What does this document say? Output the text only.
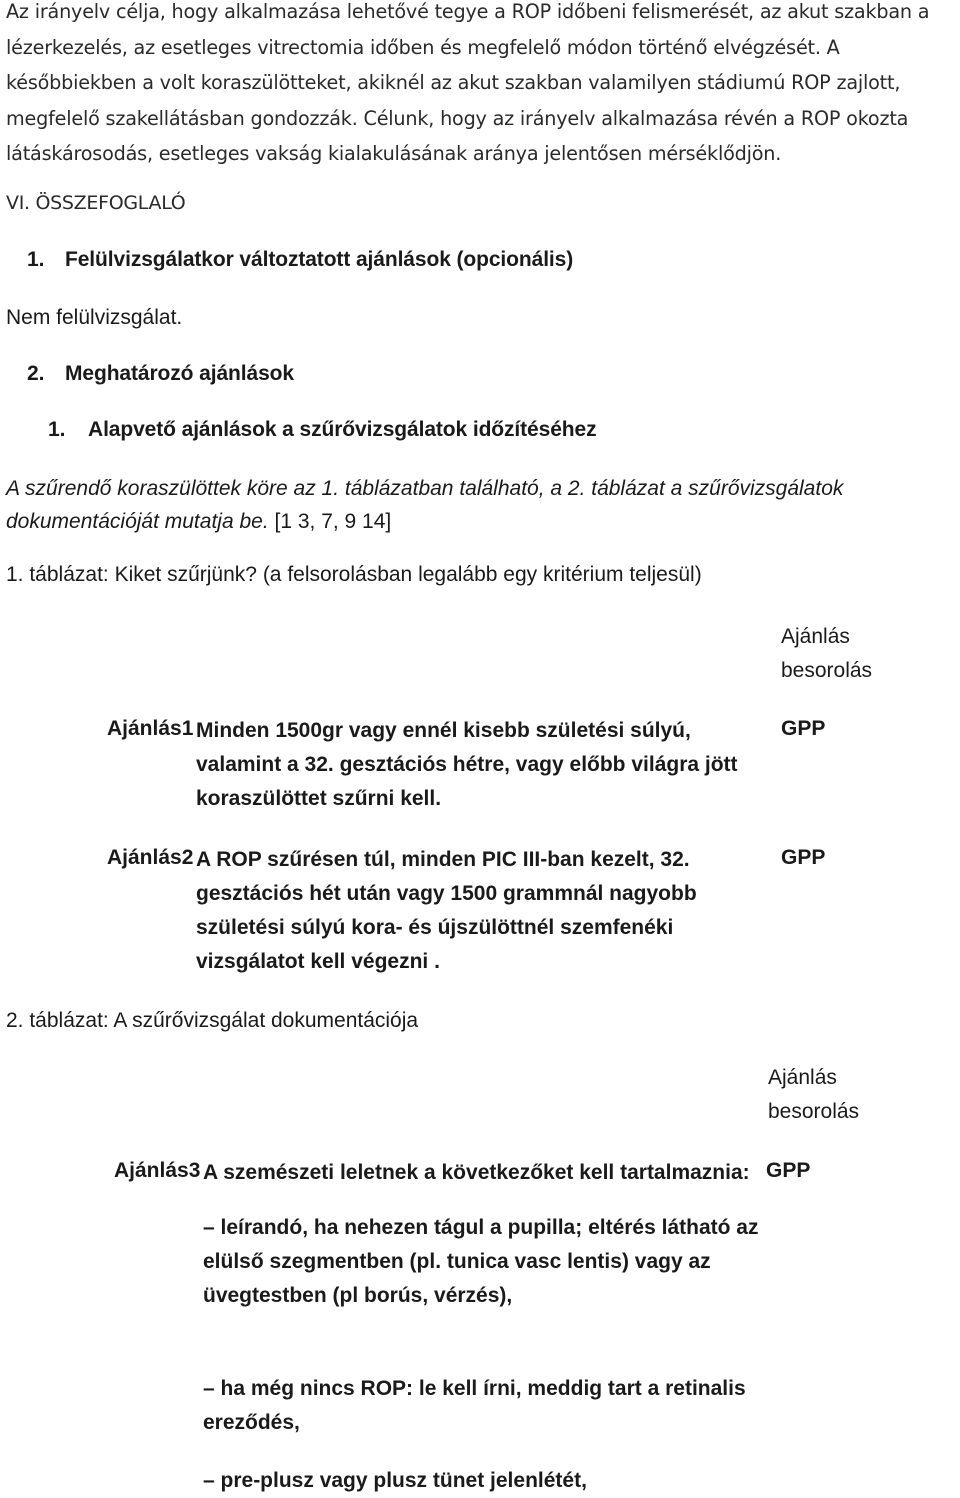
Az irányelv célja, hogy alkalmazása lehetővé tegye a ROP időbeni felismerését, az akut szakban a lézerkezelés, az esetleges vitrectomia időben és megfelelő módon történő elvégzését. A későbbiekben a volt koraszülötteket, akiknél az akut szakban valamilyen stádiumú ROP zajlott, megfelelő szakellátásban gondozzák. Célunk, hogy az irányelv alkalmazása révén a ROP okozta látáskárosodás, esetleges vakság kialakulásának aránya jelentősen mérséklődjön.

VI. ÖSSZEFOGLALÓ

1. Felülvizsgálatkor változtatott ajánlások (opcionális)

Nem felülvizsgálat.

2. Meghatározó ajánlások

1. Alapvető ajánlások a szűrővizsgálatok időzítéséhez

A szűrendő koraszülöttek köre az 1. táblázatban található, a 2. táblázat a szűrővizsgálatok dokumentációját mutatja be. [1 3, 7, 9 14]

1. táblázat: Kiket szűrjünk? (a felsorolásban legalább egy kritérium teljesül)

Ajánlás besorolás
Ajánlás1 Minden 1500gr vagy ennél kisebb születési súlyú, valamint a 32. gesztációs hétre, vagy előbb világra jött koraszülöttet szűrni kell.
GPP
Ajánlás2 A ROP szűrésen túl, minden PIC III-ban kezelt, 32. gesztációs hét után vagy 1500 grammnál nagyobb születési súlyú kora- és újszülöttnél szemfenéki vizsgálatot kell végezni .
GPP

2. táblázat: A szűrővizsgálat dokumentációja

Ajánlás besorolás
Ajánlás3 A szemészeti leletnek a következőket kell tartalmaznia: GPP
– leírandó, ha nehezen tágul a pupilla; eltérés látható az elülső szegmentben (pl. tunica vasc lentis) vagy az üvegtestben (pl borús, vérzés),
– ha még nincs ROP: le kell írni, meddig tart a retinalis ereződés,
– pre-plusz vagy plusz tünet jelenlétét,
